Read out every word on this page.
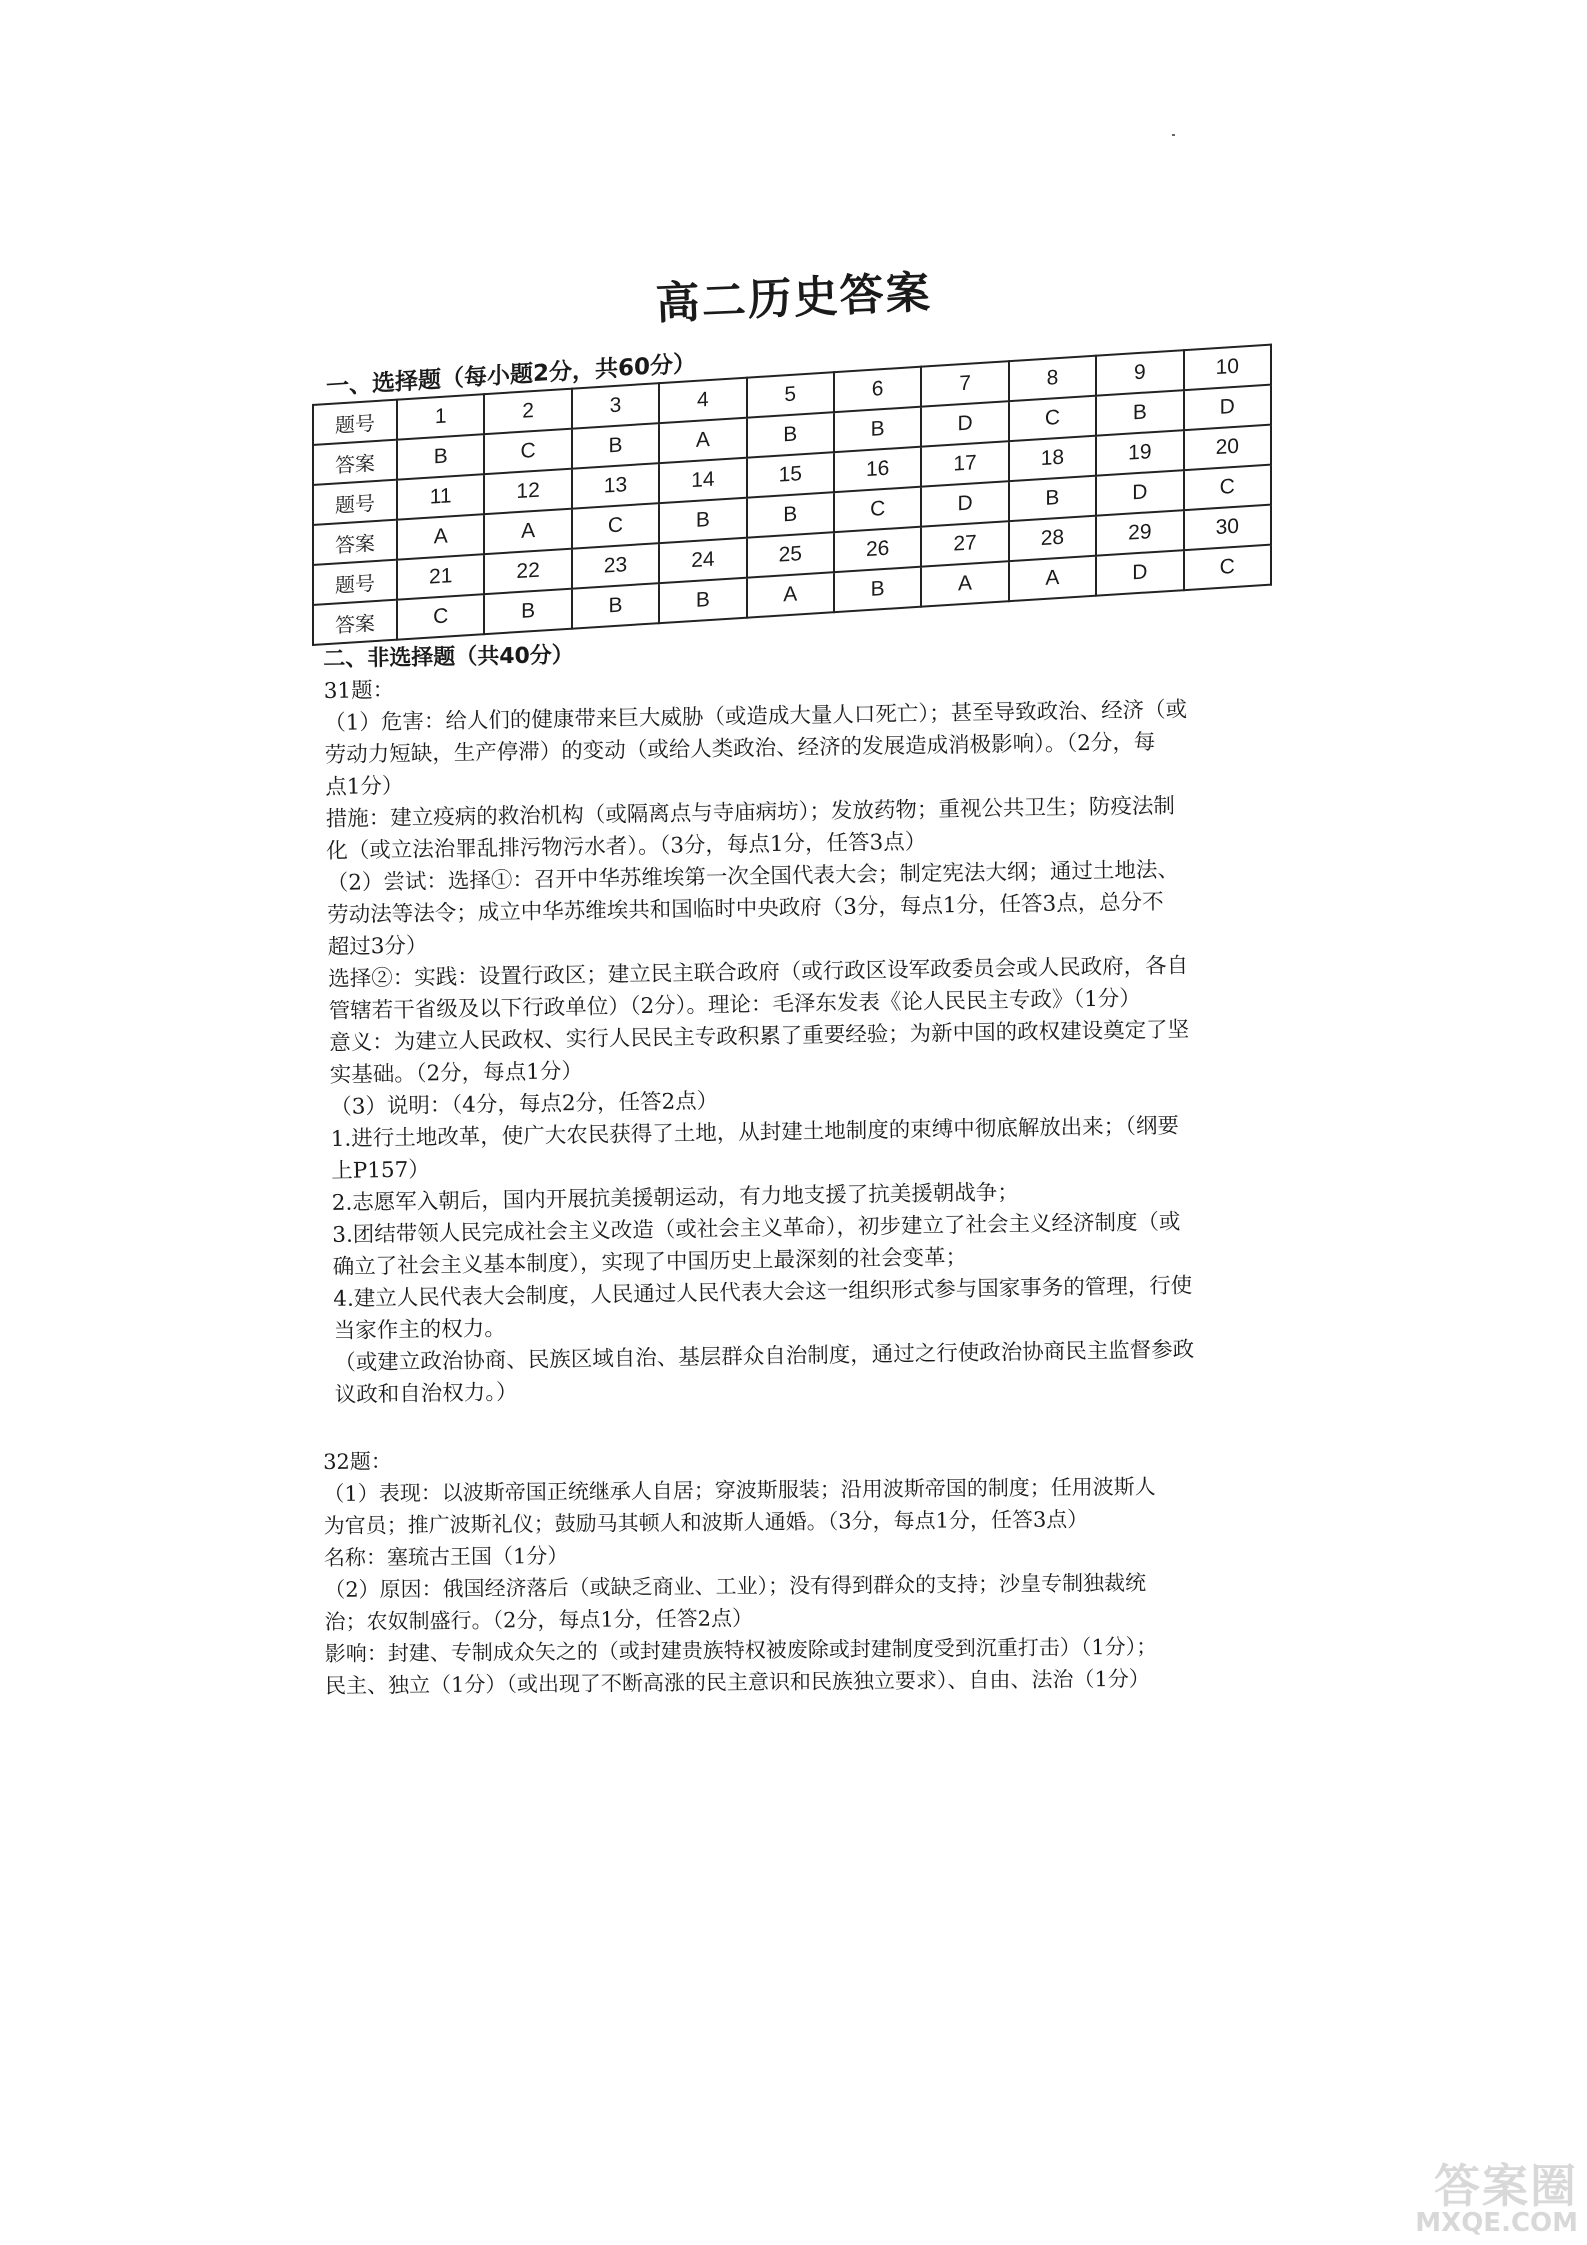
高二历史答案
一、选择题（每小题2分，共60分）
题号	1	2	3	4	5	6	7	8	9	10
答案	B	C	B	A	B	B	D	C	B	D
题号	11	12	13	14	15	16	17	18	19	20
答案	A	A	C	B	B	C	D	B	D	C
题号	21	22	23	24	25	26	27	28	29	30
答案	C	B	B	B	A	B	A	A	D	C

二、非选择题（共40分）

31题：

（1）危害：给人们的健康带来巨大威胁（或造成大量人口死亡）；甚至导致政治、经济（或

劳动力短缺，生产停滞）的变动（或给人类政治、经济的发展造成消极影响）。（2分，每

点1分）

措施：建立疫病的救治机构（或隔离点与寺庙病坊）；发放药物；重视公共卫生；防疫法制

化（或立法治罪乱排污物污水者）。（3分，每点1分，任答3点）

（2）尝试：选择①：召开中华苏维埃第一次全国代表大会；制定宪法大纲；通过土地法、

劳动法等法令；成立中华苏维埃共和国临时中央政府（3分，每点1分，任答3点，总分不

超过3分）

选择②：实践：设置行政区；建立民主联合政府（或行政区设军政委员会或人民政府，各自

管辖若干省级及以下行政单位）（2分）。理论：毛泽东发表《论人民民主专政》（1分）

意义：为建立人民政权、实行人民民主专政积累了重要经验；为新中国的政权建设奠定了坚

实基础。（2分，每点1分）

（3）说明：（4分，每点2分，任答2点）

1.进行土地改革，使广大农民获得了土地，从封建土地制度的束缚中彻底解放出来；（纲要

上P157）

2.志愿军入朝后，国内开展抗美援朝运动，有力地支援了抗美援朝战争；

3.团结带领人民完成社会主义改造（或社会主义革命），初步建立了社会主义经济制度（或

确立了社会主义基本制度），实现了中国历史上最深刻的社会变革；

4.建立人民代表大会制度，人民通过人民代表大会这一组织形式参与国家事务的管理，行使

当家作主的权力。

（或建立政治协商、民族区域自治、基层群众自治制度，通过之行使政治协商民主监督参政

议政和自治权力。）

32题：

（1）表现：以波斯帝国正统继承人自居；穿波斯服装；沿用波斯帝国的制度；任用波斯人

为官员；推广波斯礼仪；鼓励马其顿人和波斯人通婚。（3分，每点1分，任答3点）

名称：塞琉古王国（1分）

（2）原因：俄国经济落后（或缺乏商业、工业）；没有得到群众的支持；沙皇专制独裁统

治；农奴制盛行。（2分，每点1分，任答2点）

影响：封建、专制成众矢之的（或封建贵族特权被废除或封建制度受到沉重打击）（1分）；

民主、独立（1分）（或出现了不断高涨的民主意识和民族独立要求）、自由、法治（1分）

答案圈
MXQE.COM
